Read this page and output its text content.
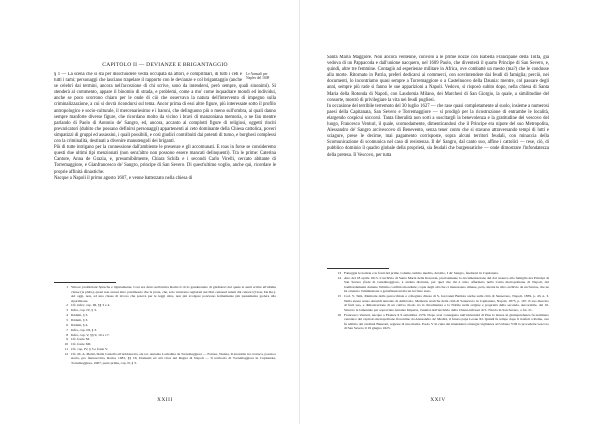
CAPITOLO II — DEVIANZE E BRIGANTAGGIO
Le Annuali per Naples del 1608

§ 1 — La scena che si sta per disschiudere vedrà occupata da attori, e comprimari, di tutti i ceti e tutti i rami; personaggi che lasciano trapelare il rapporto con le devianze e col brigantaggio (anche se celebri dai termini, ancora nell'accezione di chi scrive, sono da intendersi, però sempre, quali sinonimi). Si stenderà al commento, appare il binomio di strada, e problemi, come a mo' come inquadrare mondi ed individui, anche se poco scorrono chiaro per le onde di ciò che osservava la natura dell'intervento di impegno sulla criminalizzazione, a cui si dovrà ricondursi sul tema. Ancor prima di essi altre figure, più interessate sotto il profilo antropologico e socio-culturale, il mercenariesimo e i baroni, che delinguono più o meno sull'ombra, ai quali danno sempre manforte diverse figure, che ricordano molto da vicino i bravi di manzoniana memoria, o ne fan mentre parlando di Paolo di Antonio de' Sangro, ed, ancora, accanto ai complotti figure di religiosi, oggetti rinciti prevaricatori (dubito che possano definirsi personaggi) appartenenti ai ceto dominante della Chiesa cattolica, poveri simpatizzi di gruppi ed assassini, i quali possibili, e così giudici contribuiti dai potenti di turno, e borghesi complessi con la criminalità, destinati a divenire manutengoli dei briganti.

Più di tutte intrigano per la connessione dall'ambiente le presenze e gli accomunati. E roas in forse se consideremo questi due ultimi tipi menzionati (non senz'altro non possono essere mancati delinquenti). Tra le prime: Caterina Cantore, Anna de Grazia, e, presumibilmente, Chiara Schifa e i secondi Carlo Virelli, cercato abitante di Torremaggiore, e Gianfrancesco de' Sangro, principe di San Severo. Di quest'ultimo voglio, anche qui, ricordare le proprie affinità dinastiche.

Nacque a Napoli il primo agosto 1607, e venne battezzato nella chiesa di

1 Vittore proibizioni Spruchs e ligiatamente. Così era detto nell'antica Roma il ciclo ganderanzio di gladiatori del quale si sentì scritte all'ultima classe (la plebs), quasi non avessi altro patrimonio che la prole, che, solo venivano registrati nei libri censuari tenuti dai censori (Cicer, De Re.). Ad oggi, non, ad una classe di lavoro che poteva per le leggi altre, non più svolgere potevano fermamente più pienamente godere alla ripartizione.
2 Cfr. infra: cap. III, §§ 3 e 4.
3 Infra, cap. IV, § 3.
4 Ibidem, § 3.
5 Ibidem, § 3.
6 Ibidem, § 4.
7 Infra, cap. III, § 3.
8 Infra, cap. V, §§ 9, 10 e 17.
9 Cfr. fonte XI.
10 Cfr. fonte XII.
11 Cfr. cap. IV, § 5 e fonte V.
12 Cfr. M. A. Piemi, Dalla Castella all'Addolorata, sia tot. Antonio Lomolina da Torremaggiore — Fontea, Vienna, Il ancestile tra cronaca, poesia e storia, pro manoscritto, Roma, 1981, §§ 16; Domenti ed atti circa nel Regno di Napoli — Il territorio di Torremaggiore in Capitanata, Torremaggiore, 2007, parte prima, cap. II, § 3.
XXIII

Santa Maria Maggiore. Non ancora ventenne, convolò a le prime nozze con Isabella Francipane della Tolfa, già vedova di un Pappacoda e dall'unione nacquero, nel 1609 Paolo, che diventerà il quarto Principe di San Severo, e, quindi, altre tre femmine. Contagiò ad esperienze militare in Africa, ove combatté un mesto (ma?) che le condusse alla morte. Ritornato in Patria, preferì dedicarsi ai commerci, con sovrintendere dai feudi di famiglia; perciò, nei documenti, lo incontriamo quasi sempre a Torremaggiore o a Castelnuovo della Daunia: mentre, col passare degli anni, sempre più rade si fanno le sue apparizioni a Napoli. Vedovo, si risposò subito dopo, nella chiesa di Santa Maria della Rotonda di Napoli, con Laudomia Milano, dei Marchesi di San Giorgio, la quale, a similitudine del consorte, mostrò di privilegiare la vita nei feudi pugliesi.

In occasione del terribile terremoto del 30 luglio 1627 — che rase quasi completamente al suolo, insieme a numerosi paesi della Capitanata, San Severo e Torremaggiore — si prodigò per la ricostruzione di entrambe le località, elargendo cospicui soccorsi. Tanta liberalità non sortì a suscitargli la benevolenza e la gratitudine del vescovo del luogo, Francesco Venturi, il quale, scomodamente, dimenticandosi che il Principe era nipote del suo Metropolita, Alessandro de' Sangro arcivescovo di Benevento, senza tener conto che si stavano attraversando tempi di lutti e sciagure, prese le decime, mai pagamento corrisposte, sopra alcuni territori feudali, con minaccia della Scomunicazione di scomunica nel caso di resistenza. Il de' Sangro, dal canto suo, affine i cattolici — rese, ciò, di pubblico dominio il quadro globale della proprietà, sia feudali che burgensatiche — onde dimostrare l'infondatezza della pretesa. Il Vescovo, per tutta

13 Fatteggia le notizie e le fonti del primo volume, tutimo inedito, del mio, I de' Sangro, feudatari in Capitanata.
14 Atto del 18 aprile 1615. L'archivio di Santa Maria della Rotonda, precisamente la documentazione del dal ruoleva alla famiglia dei Principi di San Severo (fede di Giardinaggiore, è andata distrutta, per quel che mi è stato affermato nella Curia metropolitana di Napoli, dai bombardamenti durante l'ultimo conflitto mondiale; copia degli atti che ci interessano rimane, però, intatta in altro archivio da un Santos, che ne ha ottenuto l'ammissione a genuflessioni ma un lei fatte stato.
15 Cod. V. Tetti, Memorie della parrocchiale e collegiata chiesa di S. Giovanni Battista anche sulla città di Sansevero, Napoli, 1839, p. 43, n. 3. Nella stessa senso Ansaldi Antonio di Ambrosio, Memorie storiche della città di Sansevero in Capitanata, Napoli, 1875, p. 167. Il suo marcato di furti suo, e dimostrazione di un cattivo modo tra la cittadinanza e la Nobile nella origine e proprietà della seconda. Ancorabile, del 10. Sincero le lamentele per sopraviate Antonio Imperia, l'analisi dell'Archivio della Chiesa infraset di S. Nicola in San Severo, a fol. 21.
16 Francesco Venturi, nacque a Firenze il 9 settembre 1576. Dopo aver conseguito nell'università di Pisa la laurea in giurisprudenza fu nominato canonico del capitolo metropolitano fiorentino da Alessandro de' Medici, il futuro papa Leone XI. Quindi fu tempo dopo il trasferì a Roma, ove fu adibito dal cardinal Benzoni, regione di una madre. Paolo V in cuna del intendenza strategie vigliantes ad Urbano VIII lo procedette vescovo di San Severo il 19 giugno 1625.
XXIV
